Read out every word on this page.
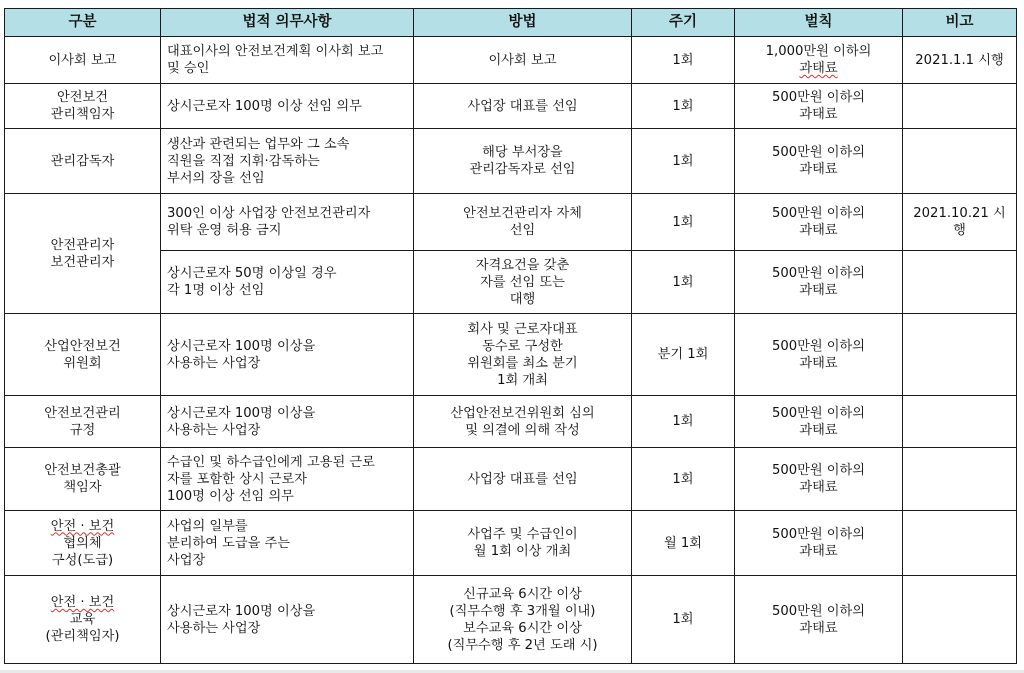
구분	법적 의무사항	방법	주기	벌칙	비고

이사회 보고	대표이사의 안전보건계획 이사회 보고
및 승인	이사회 보고	1회	1,000만원 이하의
과태료	2021.1.1 시행

안전보건
관리책임자	상시근로자 100명 이상 선임 의무	사업장 대표를 선임	1회	500만원 이하의
과태료	

관리감독자	생산과 관련되는 업무와 그 소속
직원을 직접 지휘·감독하는
부서의 장을 선임	해당 부서장을
관리감독자로 선임	1회	500만원 이하의
과태료	

안전관리자
보건관리자	300인 이상 사업장 안전보건관리자
위탁 운영 허용 금지	안전보건관리자 자체
선임	1회	500만원 이하의
과태료	2021.10.21 시
행

	상시근로자 50명 이상일 경우
각 1명 이상 선임	자격요건을 갖춘
자를 선임 또는
대행	1회	500만원 이하의
과태료	

산업안전보건
위원회	상시근로자 100명 이상을
사용하는 사업장	회사 및 근로자대표
동수로 구성한
위원회를 최소 분기
1회 개최	분기 1회	500만원 이하의
과태료	

안전보건관리
규정	상시근로자 100명 이상을
사용하는 사업장	산업안전보건위원회 심의
및 의결에 의해 작성	1회	500만원 이하의
과태료	

안전보건총괄
책임자	수급인 및 하수급인에게 고용된 근로
자를 포함한 상시 근로자
100명 이상 선임 의무	사업장 대표를 선임	1회	500만원 이하의
과태료	

안전 · 보건
협의체
구성(도급)	사업의 일부를
분리하여 도급을 주는
사업장	사업주 및 수급인이
월 1회 이상 개최	월 1회	500만원 이하의
과태료	

안전 · 보건
교육
(관리책임자)	상시근로자 100명 이상을
사용하는 사업장	신규교육 6시간 이상
(직무수행 후 3개월 이내)
보수교육 6시간 이상
(직무수행 후 2년 도래 시)	1회	500만원 이하의
과태료	
